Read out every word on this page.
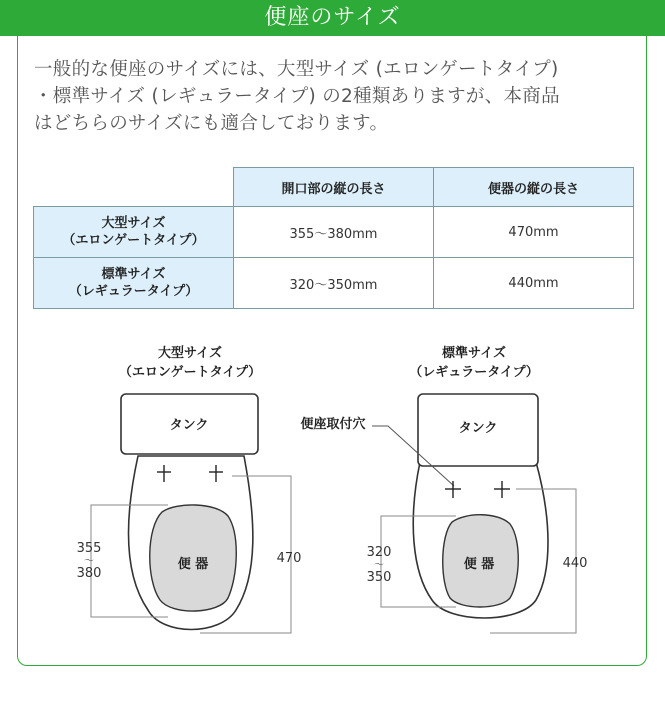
便座のサイズ

一般的な便座のサイズには、大型サイズ (エロンゲートタイプ)

・標準サイズ (レギュラータイプ) の2種類ありますが、本商品

はどちらのサイズにも適合しております。

	開口部の縦の長さ	便器の縦の長さ

大型サイズ
（エロンゲートタイプ）	355〜380mm	470mm

標準サイズ
（レギュラータイプ）	320〜350mm	440mm
大型サイズ
（エロンゲートタイプ）
タンク
便 器
355
〜
380
470
標準サイズ
（レギュラータイプ）
タンク
便座取付穴
便 器
320
〜
350
440
